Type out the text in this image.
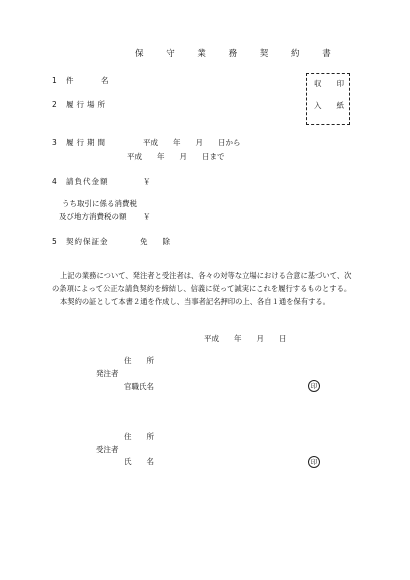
保 守 業 務 契 約 書
収　　印
入　　紙
1 件	名
2 履行場所
3 履行期間	平成　　年　　月　　日から
平成　　年　　月　　日まで
4 請負代金額	￥
うち取引に係る消費税
及び地方消費税の額 ￥
5 契約保証金	免　　除
上記の業務について、発注者と受注者は、各々の対等な立場における合意に基づいて、次
の条項によって公正な請負契約を締結し、信義に従って誠実にこれを履行するものとする。
本契約の証として本書２通を作成し、当事者記名押印の上、各自１通を保有する。
平成　　年　　月　　日
住　　所
発注者
官職氏名	印
住　　所
受注者
氏　　名	印
